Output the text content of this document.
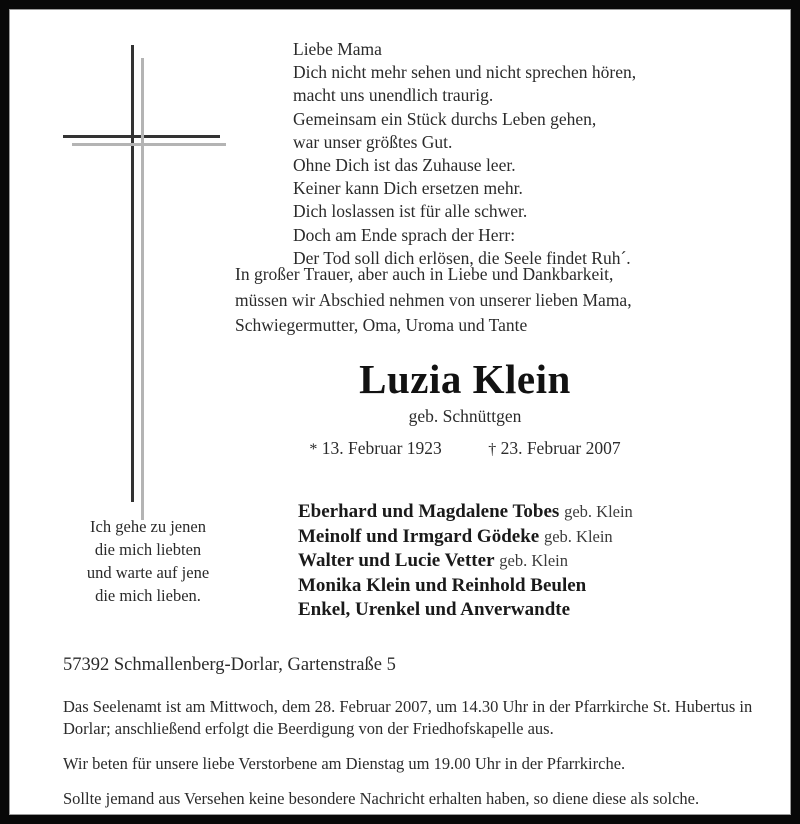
Ich gehe zu jenen
die mich liebten
und warte auf jene
die mich lieben.
Liebe Mama
Dich nicht mehr sehen und nicht sprechen hören,
macht uns unendlich traurig.
Gemeinsam ein Stück durchs Leben gehen,
war unser größtes Gut.
Ohne Dich ist das Zuhause leer.
Keiner kann Dich ersetzen mehr.
Dich loslassen ist für alle schwer.
Doch am Ende sprach der Herr:
Der Tod soll dich erlösen, die Seele findet Ruh´.
In großer Trauer, aber auch in Liebe und Dankbarkeit,
müssen wir Abschied nehmen von unserer lieben Mama,
Schwiegermutter, Oma, Uroma und Tante
Luzia Klein
geb. Schnüttgen
* 13. Februar 1923	† 23. Februar 2007
Eberhard und Magdalene Tobes geb. Klein
Meinolf und Irmgard Gödeke geb. Klein
Walter und Lucie Vetter geb. Klein
Monika Klein und Reinhold Beulen
Enkel, Urenkel und Anverwandte
57392 Schmallenberg-Dorlar, Gartenstraße 5

Das Seelenamt ist am Mittwoch, dem 28. Februar 2007, um 14.30 Uhr in der Pfarrkirche St. Hubertus in Dorlar; anschließend erfolgt die Beerdigung von der Friedhofskapelle aus.

Wir beten für unsere liebe Verstorbene am Dienstag um 19.00 Uhr in der Pfarrkirche.

Sollte jemand aus Versehen keine besondere Nachricht erhalten haben, so diene diese als solche.
